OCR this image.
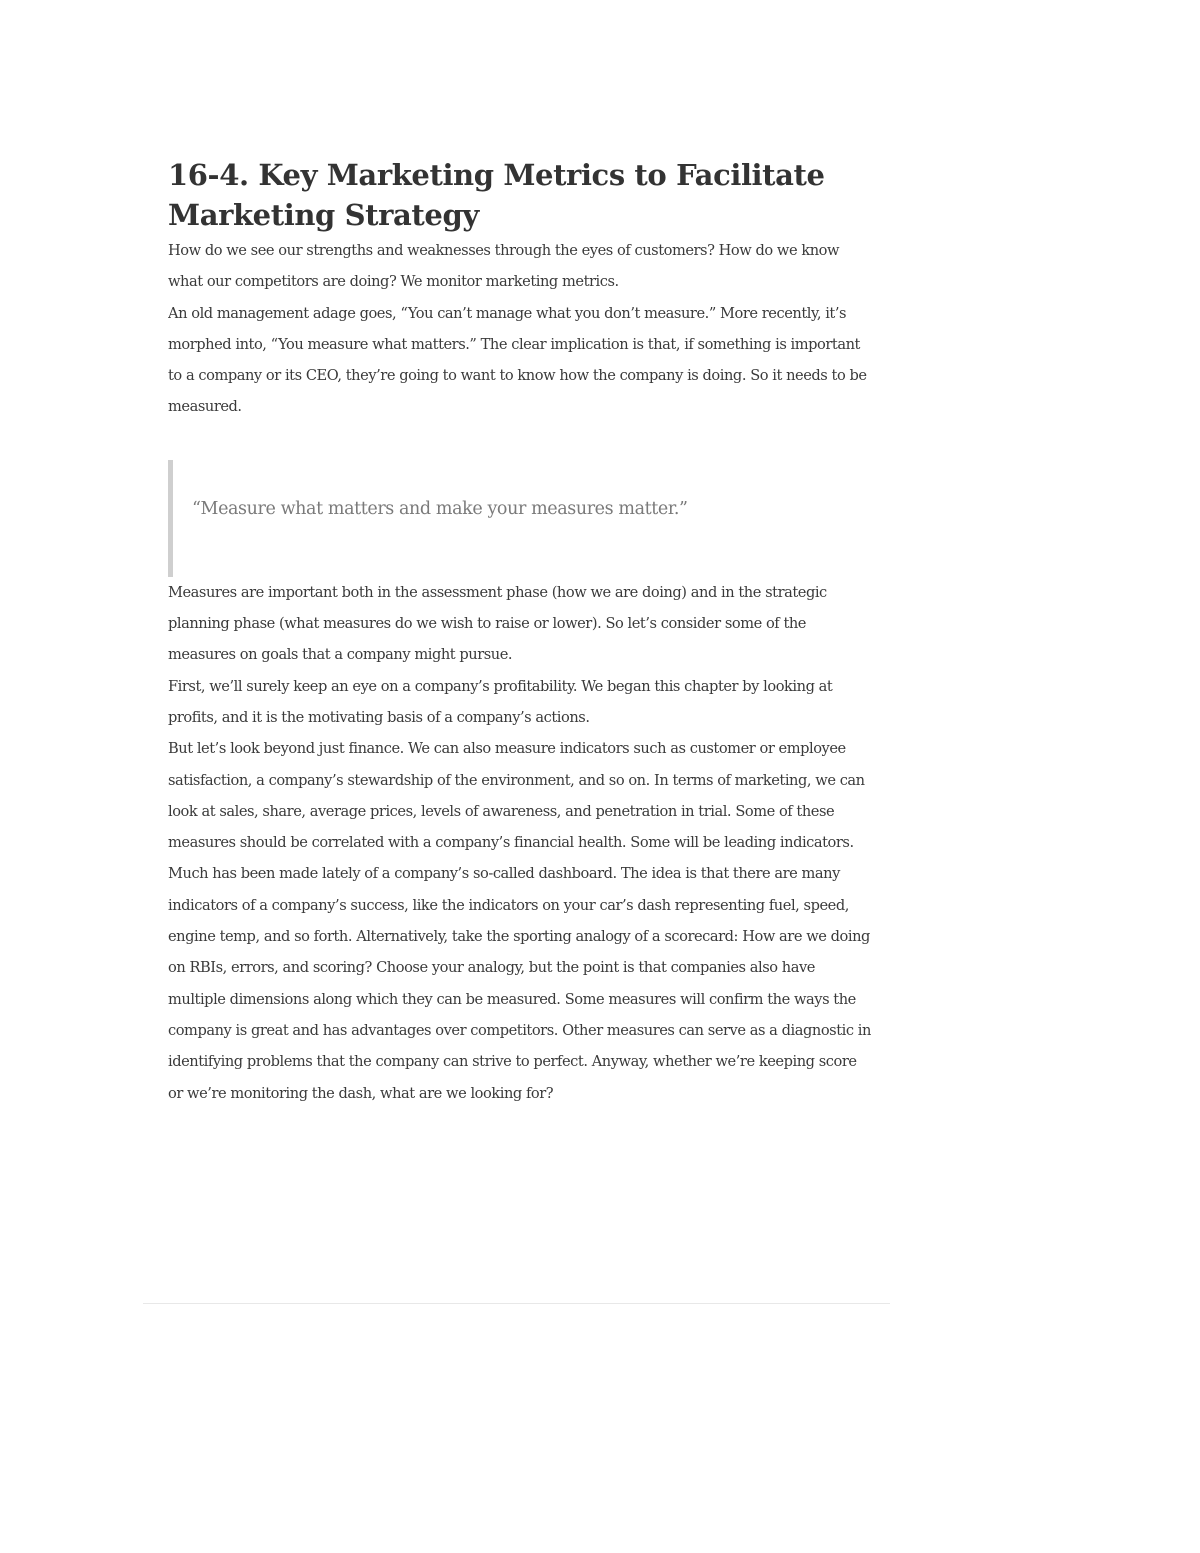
16-4. Key Marketing Metrics to Facilitate Marketing Strategy

How do we see our strengths and weaknesses through the eyes of customers? How do we know what our competitors are doing? We monitor marketing metrics.

An old management adage goes, “You can’t manage what you don’t measure.” More recently, it’s morphed into, “You measure what matters.” The clear implication is that, if something is important to a company or its CEO, they’re going to want to know how the company is doing. So it needs to be measured.

“Measure what matters and make your measures matter.”

Measures are important both in the assessment phase (how we are doing) and in the strategic planning phase (what measures do we wish to raise or lower). So let’s consider some of the measures on goals that a company might pursue.

First, we’ll surely keep an eye on a company’s profitability. We began this chapter by looking at profits, and it is the motivating basis of a company’s actions.

But let’s look beyond just finance. We can also measure indicators such as customer or employee satisfaction, a company’s stewardship of the environment, and so on. In terms of marketing, we can look at sales, share, average prices, levels of awareness, and penetration in trial. Some of these measures should be correlated with a company’s financial health. Some will be leading indicators.

Much has been made lately of a company’s so-called dashboard. The idea is that there are many indicators of a company’s success, like the indicators on your car’s dash representing fuel, speed, engine temp, and so forth. Alternatively, take the sporting analogy of a scorecard: How are we doing on RBIs, errors, and scoring? Choose your analogy, but the point is that companies also have multiple dimensions along which they can be measured. Some measures will confirm the ways the company is great and has advantages over competitors. Other measures can serve as a diagnostic in identifying problems that the company can strive to perfect. Anyway, whether we’re keeping score or we’re monitoring the dash, what are we looking for?
